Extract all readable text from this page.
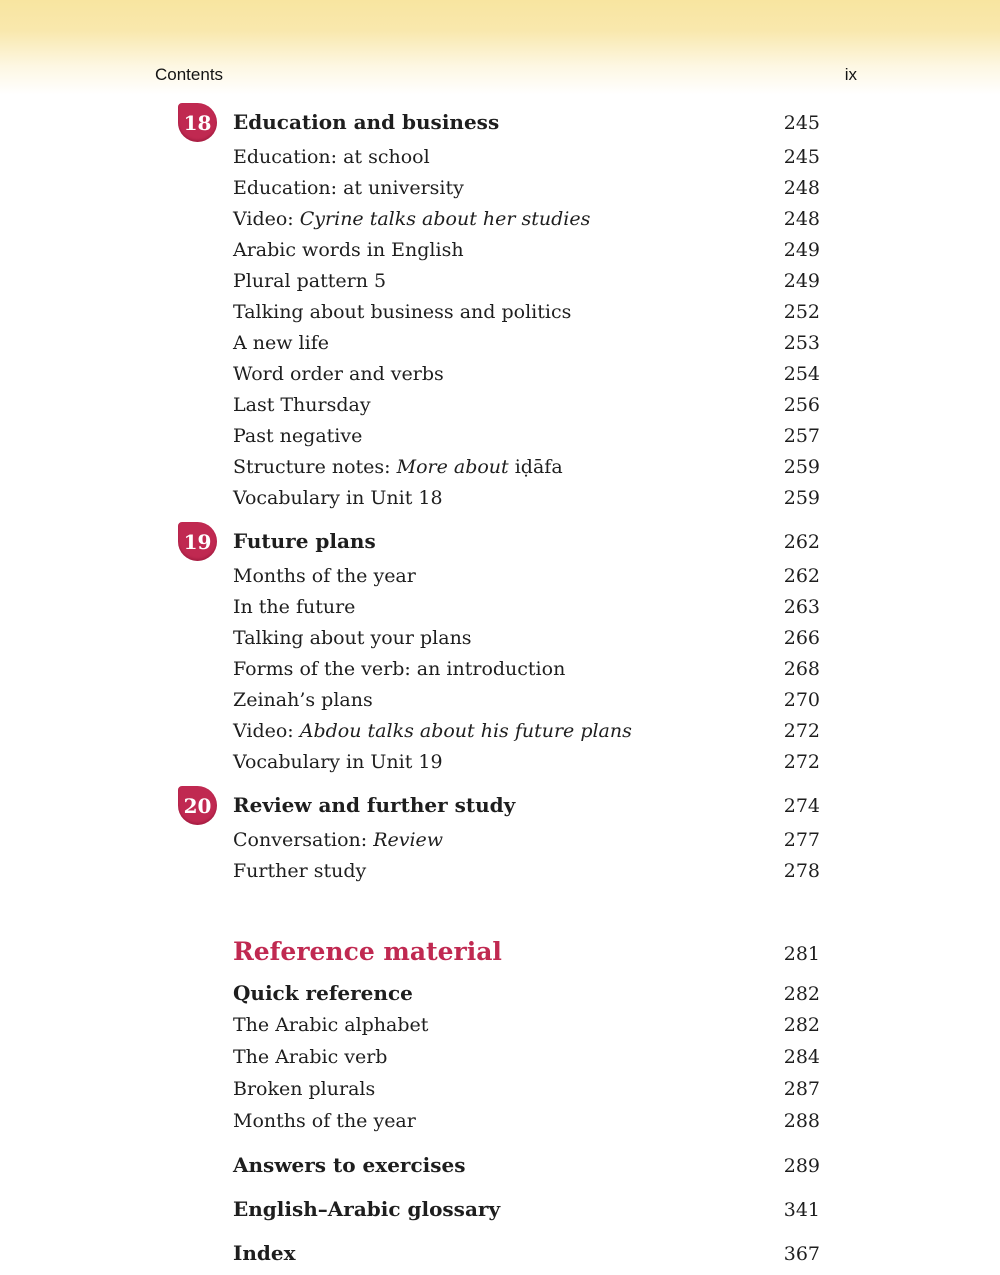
Contents	ix
18	Education and business	245
Education: at school	245
Education: at university	248
Video: Cyrine talks about her studies	248
Arabic words in English	249
Plural pattern 5	249
Talking about business and politics	252
A new life	253
Word order and verbs	254
Last Thursday	256
Past negative	257
Structure notes: More about iḍāfa	259
Vocabulary in Unit 18	259
19	Future plans	262
Months of the year	262
In the future	263
Talking about your plans	266
Forms of the verb: an introduction	268
Zeinah’s plans	270
Video: Abdou talks about his future plans	272
Vocabulary in Unit 19	272
20	Review and further study	274
Conversation: Review	277
Further study	278
Reference material	281
Quick reference	282
The Arabic alphabet	282
The Arabic verb	284
Broken plurals	287
Months of the year	288
Answers to exercises	289
English–Arabic glossary	341
Index	367
